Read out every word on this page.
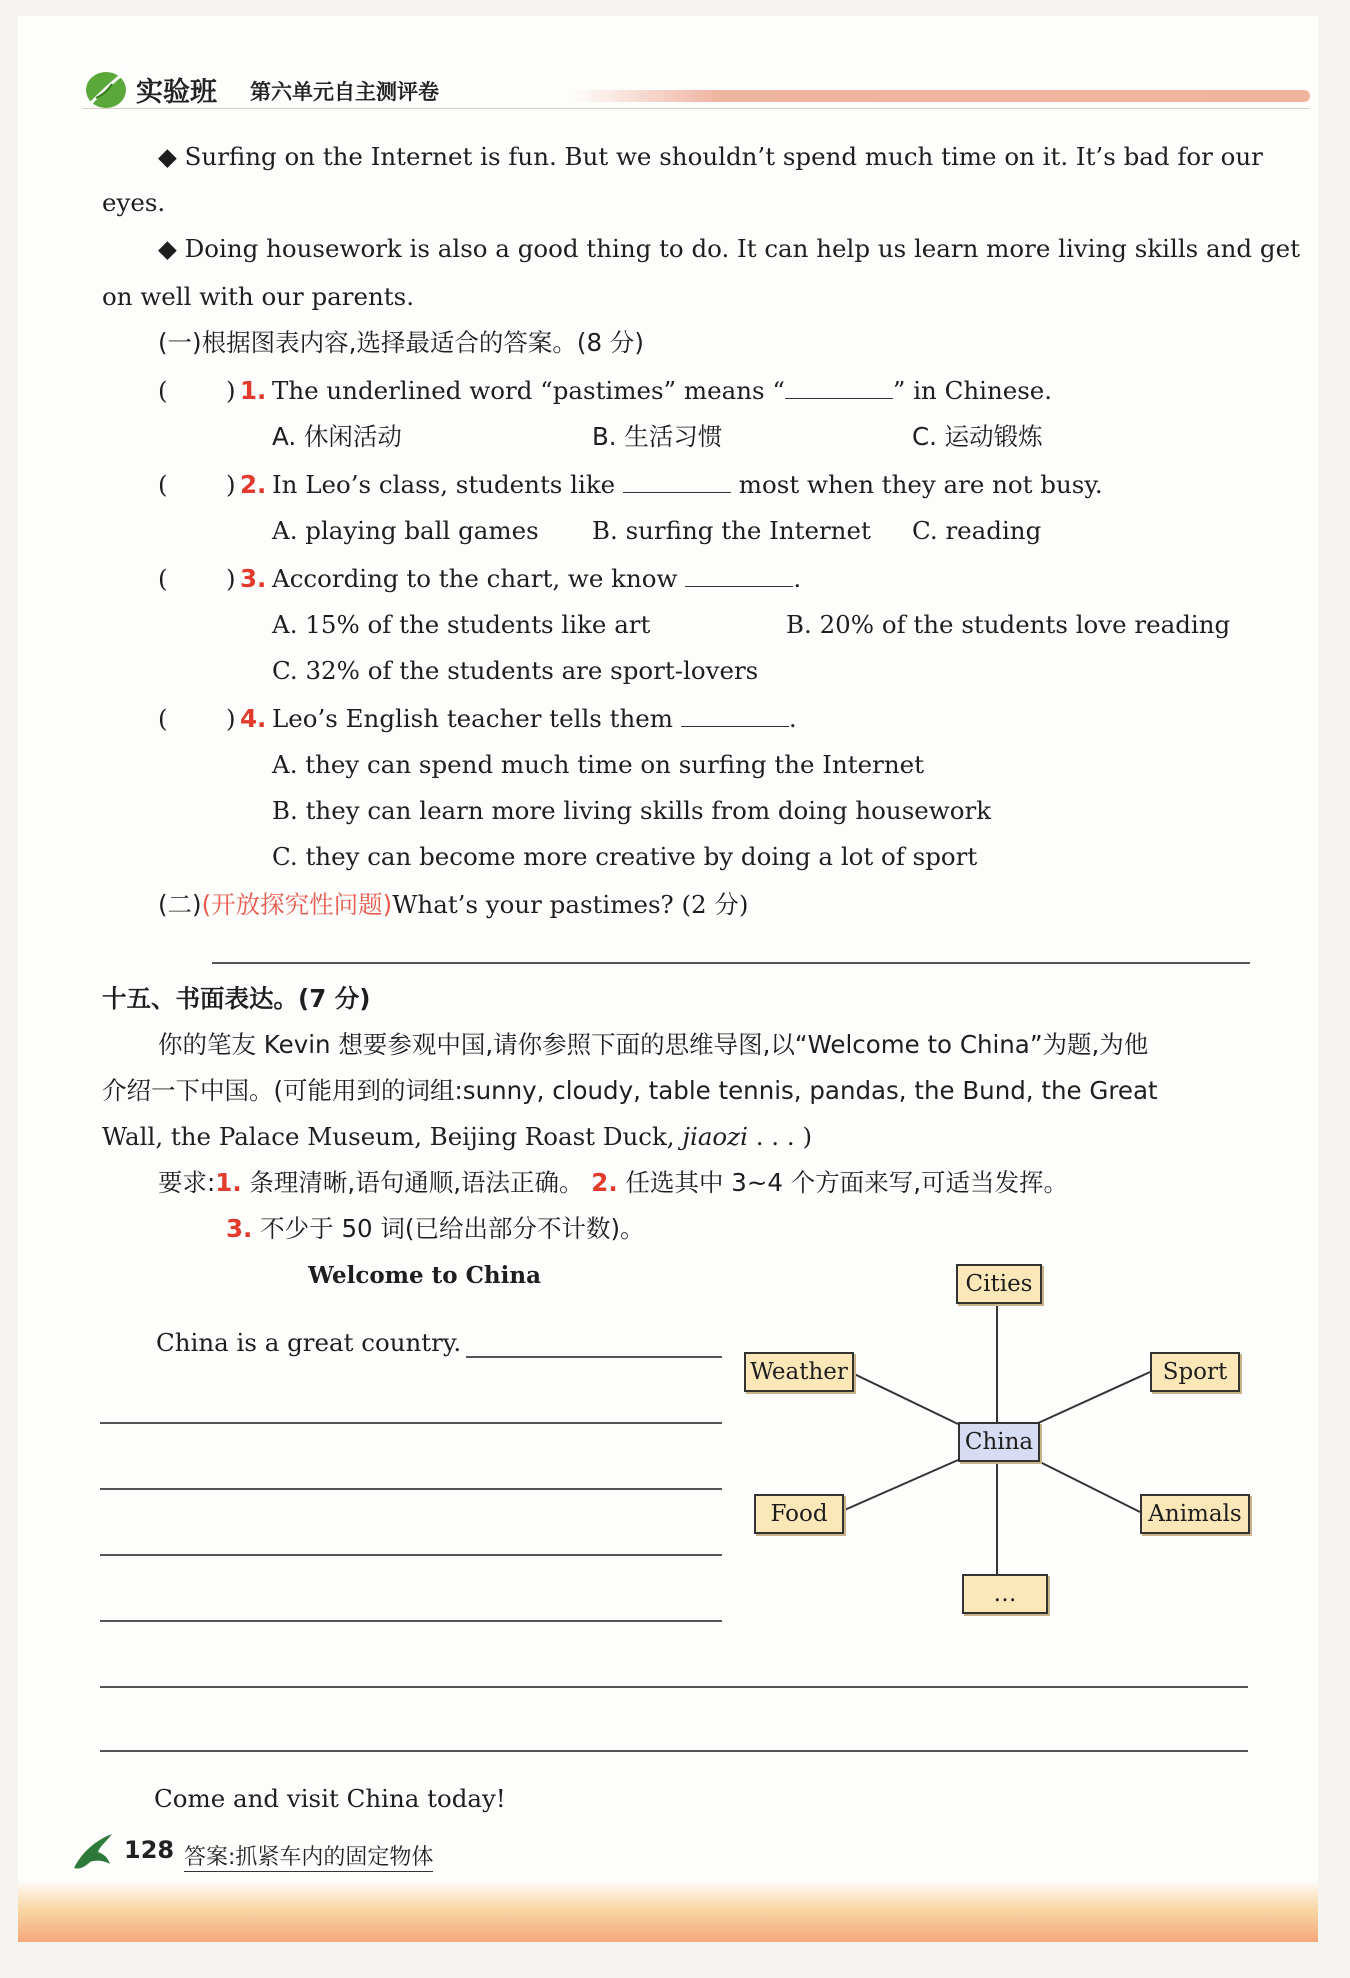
实验班 第六单元自主测评卷
◆ Surfing on the Internet is fun. But we shouldn’t spend much time on it. It’s bad for our
eyes.
◆ Doing housework is also a good thing to do. It can help us learn more living skills and get
on well with our parents.
(一)根据图表内容,选择最适合的答案。(8 分)
( ) 1. The underlined word “pastimes” means “	” in Chinese.
A. 休闲活动	B. 生活习惯	C. 运动锻炼
( ) 2. In Leo’s class, students like	most when they are not busy.
A. playing ball games B. surfing the Internet C. reading
( ) 3. According to the chart, we know	.
A. 15% of the students like art	B. 20% of the students love reading
C. 32% of the students are sport-lovers
( ) 4. Leo’s English teacher tells them	.
A. they can spend much time on surfing the Internet
B. they can learn more living skills from doing housework
C. they can become more creative by doing a lot of sport
(二)(开放探究性问题)What’s your pastimes? (2 分)
十五、书面表达。(7 分)
你的笔友 Kevin 想要参观中国,请你参照下面的思维导图,以“Welcome to China”为题,为他
介绍一下中国。(可能用到的词组:sunny, cloudy, table tennis, pandas, the Bund, the Great
Wall, the Palace Museum, Beijing Roast Duck, jiaozi . . . )
要求:1. 条理清晰,语句通顺,语法正确。 2. 任选其中 3~4 个方面来写,可适当发挥。
3. 不少于 50 词(已给出部分不计数)。
Welcome to China
China is a great country.
Come and visit China today!
Cities
Weather	Sport
China
Food	Animals
…
128 答案:抓紧车内的固定物体
